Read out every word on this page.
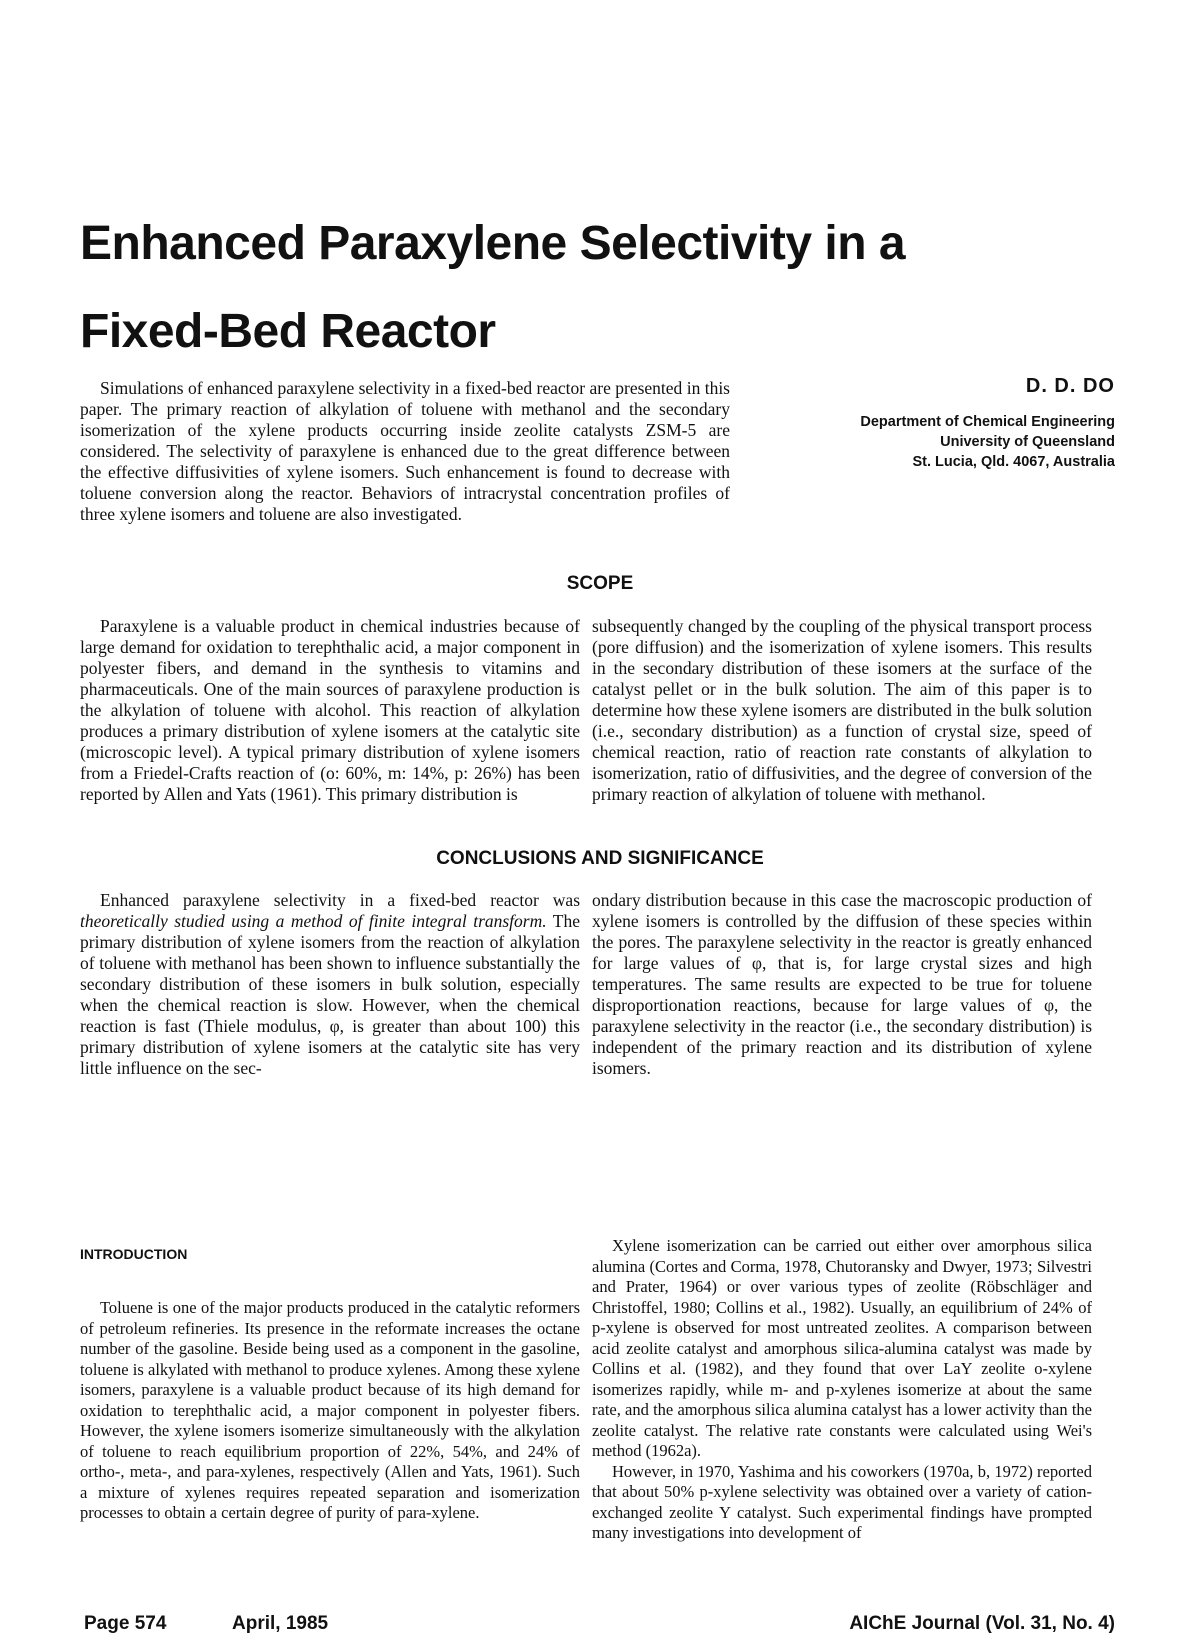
Enhanced Paraxylene Selectivity in a
Fixed-Bed Reactor
Simulations of enhanced paraxylene selectivity in a fixed-bed reactor are presented in this paper. The primary reaction of alkylation of toluene with methanol and the secondary isomerization of the xylene products occurring inside zeolite catalysts ZSM-5 are considered. The selectivity of paraxylene is enhanced due to the great difference between the effective diffusivities of xylene isomers. Such enhancement is found to decrease with toluene conversion along the reactor. Behaviors of intracrystal concentration profiles of three xylene isomers and toluene are also investigated.
D. D. DO
Department of Chemical Engineering
University of Queensland
St. Lucia, Qld. 4067, Australia
SCOPE

Paraxylene is a valuable product in chemical industries because of large demand for oxidation to terephthalic acid, a major component in polyester fibers, and demand in the synthesis to vitamins and pharmaceuticals. One of the main sources of paraxylene production is the alkylation of toluene with alcohol. This reaction of alkylation produces a primary distribution of xylene isomers at the catalytic site (microscopic level). A typical primary distribution of xylene isomers from a Friedel-Crafts reaction of (o: 60%, m: 14%, p: 26%) has been reported by Allen and Yats (1961). This primary distribution is

subsequently changed by the coupling of the physical transport process (pore diffusion) and the isomerization of xylene isomers. This results in the secondary distribution of these isomers at the surface of the catalyst pellet or in the bulk solution. The aim of this paper is to determine how these xylene isomers are distributed in the bulk solution (i.e., secondary distribution) as a function of crystal size, speed of chemical reaction, ratio of reaction rate constants of alkylation to isomerization, ratio of diffusivities, and the degree of conversion of the primary reaction of alkylation of toluene with methanol.

CONCLUSIONS AND SIGNIFICANCE

Enhanced paraxylene selectivity in a fixed-bed reactor was theoretically studied using a method of finite integral transform. The primary distribution of xylene isomers from the reaction of alkylation of toluene with methanol has been shown to influence substantially the secondary distribution of these isomers in bulk solution, especially when the chemical reaction is slow. However, when the chemical reaction is fast (Thiele modulus, φ, is greater than about 100) this primary distribution of xylene isomers at the catalytic site has very little influence on the sec-

ondary distribution because in this case the macroscopic production of xylene isomers is controlled by the diffusion of these species within the pores. The paraxylene selectivity in the reactor is greatly enhanced for large values of φ, that is, for large crystal sizes and high temperatures. The same results are expected to be true for toluene disproportionation reactions, because for large values of φ, the paraxylene selectivity in the reactor (i.e., the secondary distribution) is independent of the primary reaction and its distribution of xylene isomers.

INTRODUCTION

Toluene is one of the major products produced in the catalytic reformers of petroleum refineries. Its presence in the reformate increases the octane number of the gasoline. Beside being used as a component in the gasoline, toluene is alkylated with methanol to produce xylenes. Among these xylene isomers, paraxylene is a valuable product because of its high demand for oxidation to terephthalic acid, a major component in polyester fibers. However, the xylene isomers isomerize simultaneously with the alkylation of toluene to reach equilibrium proportion of 22%, 54%, and 24% of ortho-, meta-, and para-xylenes, respectively (Allen and Yats, 1961). Such a mixture of xylenes requires repeated separation and isomerization processes to obtain a certain degree of purity of para-xylene.

Xylene isomerization can be carried out either over amorphous silica alumina (Cortes and Corma, 1978, Chutoransky and Dwyer, 1973; Silvestri and Prater, 1964) or over various types of zeolite (Röbschläger and Christoffel, 1980; Collins et al., 1982). Usually, an equilibrium of 24% of p-xylene is observed for most untreated zeolites. A comparison between acid zeolite catalyst and amorphous silica-alumina catalyst was made by Collins et al. (1982), and they found that over LaY zeolite o-xylene isomerizes rapidly, while m- and p-xylenes isomerize at about the same rate, and the amorphous silica alumina catalyst has a lower activity than the zeolite catalyst. The relative rate constants were calculated using Wei's method (1962a).

However, in 1970, Yashima and his coworkers (1970a, b, 1972) reported that about 50% p-xylene selectivity was obtained over a variety of cation-exchanged zeolite Y catalyst. Such experimental findings have prompted many investigations into development of

Page 574	April, 1985	AIChE Journal (Vol. 31, No. 4)
